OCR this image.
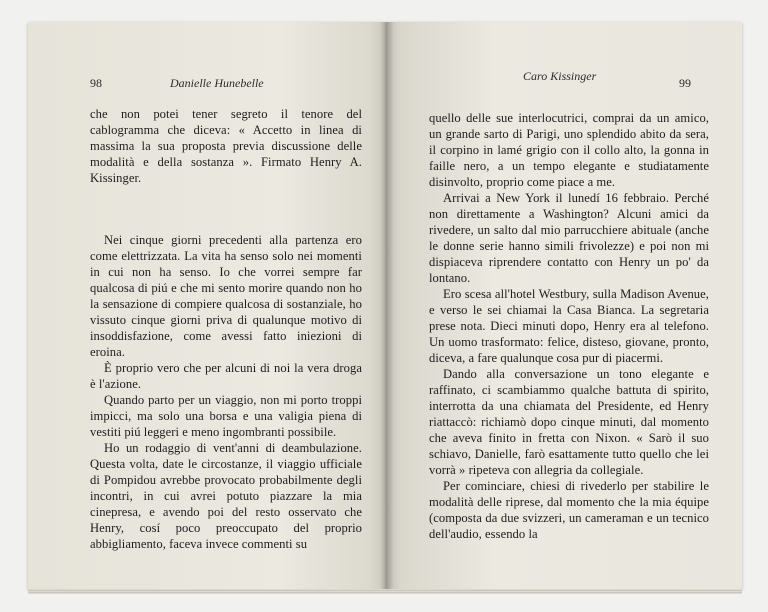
98	Danielle Hunebelle

che non potei tener segreto il tenore del cablogramma che diceva: « Accetto in linea di massima la sua proposta previa discussione delle modalità e della sostanza ». Firmato Henry A. Kissinger.

Nei cinque giorni precedenti alla partenza ero come elettrizzata. La vita ha senso solo nei momenti in cui non ha senso. Io che vorrei sempre far qualcosa di piú e che mi sento morire quando non ho la sensazione di compiere qualcosa di sostanziale, ho vissuto cinque giorni priva di qualunque motivo di insoddisfazione, come avessi fatto iniezioni di eroina.

È proprio vero che per alcuni di noi la vera droga è l'azione.

Quando parto per un viaggio, non mi porto troppi impicci, ma solo una borsa e una valigia piena di vestiti piú leggeri e meno ingombranti possibile.

Ho un rodaggio di vent'anni di deambulazione. Questa volta, date le circostanze, il viaggio ufficiale di Pompidou avrebbe provocato probabilmente degli incontri, in cui avrei potuto piazzare la mia cinepresa, e avendo poi del resto osservato che Henry, cosí poco preoccupato del proprio abbigliamento, faceva invece commenti su

Caro Kissinger	99

quello delle sue interlocutrici, comprai da un amico, un grande sarto di Parigi, uno splendido abito da sera, il corpino in lamé grigio con il collo alto, la gonna in faille nero, a un tempo elegante e studiatamente disinvolto, proprio come piace a me.

Arrivai a New York il lunedí 16 febbraio. Perché non direttamente a Washington? Alcuni amici da rivedere, un salto dal mio parrucchiere abituale (anche le donne serie hanno simili frivolezze) e poi non mi dispiaceva riprendere contatto con Henry un po' da lontano.

Ero scesa all'hotel Westbury, sulla Madison Avenue, e verso le sei chiamai la Casa Bianca. La segretaria prese nota. Dieci minuti dopo, Henry era al telefono. Un uomo trasformato: felice, disteso, giovane, pronto, diceva, a fare qualunque cosa pur di piacermi.

Dando alla conversazione un tono elegante e raffinato, ci scambiammo qualche battuta di spirito, interrotta da una chiamata del Presidente, ed Henry riattaccò: richiamò dopo cinque minuti, dal momento che aveva finito in fretta con Nixon. « Sarò il suo schiavo, Danielle, farò esattamente tutto quello che lei vorrà » ripeteva con allegria da collegiale.

Per cominciare, chiesi di rivederlo per stabilire le modalità delle riprese, dal momento che la mia équipe (composta da due svizzeri, un cameraman e un tecnico dell'audio, essendo la
